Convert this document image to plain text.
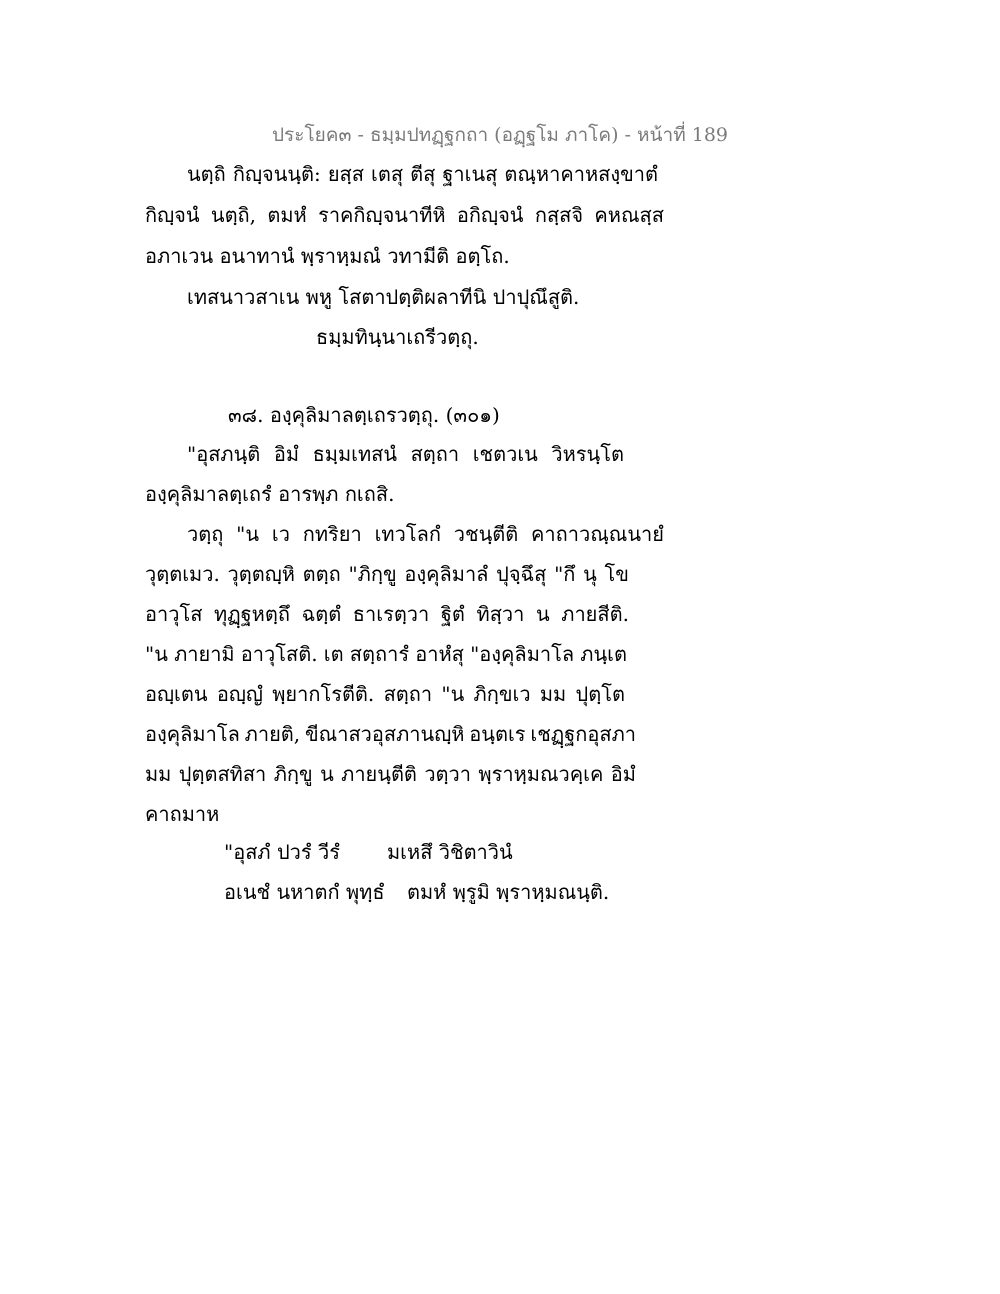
ประโยค๓ - ธมฺมปทฏฺฐกถา (อฏฺฐโม ภาโค) - หน้าที่ 189
นตฺถิ กิญฺจนนฺติ: ยสฺส เตสุ ตีสุ ฐาเนสุ ตณฺหาคาหสงฺขาตํ
กิญฺจนํ นตฺถิ, ตมหํ ราคกิญฺจนาทีหิ อกิญฺจนํ กสฺสจิ คหณสฺส
อภาเวน อนาทานํ พฺราหฺมณํ วทามีติ อตฺโถ.
เทสนาวสาเน พหู โสตาปตฺติผลาทีนิ ปาปุณึสูติ.
ธมฺมทินฺนาเถรีวตฺถุ.
๓๘. องฺคุลิมาลตฺเถรวตฺถุ. (๓๐๑)
"อุสภนฺติ อิมํ ธมฺมเทสนํ สตฺถา เชตวเน วิหรนฺโต
องฺคุลิมาลตฺเถรํ อารพฺภ กเถสิ.
วตฺถุ "น เว กทริยา เทวโลกํ วชนฺตีติ คาถาวณฺณนายํ
วุตฺตเมว. วุตฺตญฺหิ ตตฺถ "ภิกฺขู องฺคุลิมาลํ ปุจฺฉึสุ "กึ นุ โข
อาวุโส ทุฏฺฐหตฺถึ ฉตฺตํ ธาเรตฺวา ฐิตํ ทิสฺวา น ภายสีติ.
"น ภายามิ อาวุโสติ. เต สตฺถารํ อาหํสุ "องฺคุลิมาโล ภนฺเต
อญฺเตน อญฺญํ พฺยากโรตีติ. สตฺถา "น ภิกฺขเว มม ปุตฺโต
องฺคุลิมาโล ภายติ, ขีณาสวอุสภานญฺหิ อนฺตเร เชฏฺฐกอุสภา
มม ปุตฺตสทิสา ภิกฺขู น ภายนฺตีติ วตฺวา พฺราหฺมณวคฺเค อิมํ
คาถมาห
"อุสภํ ปวรํ วีรํ มเหสึ วิชิตาวินํ
อเนชํ นหาตกํ พุทฺธํ ตมหํ พฺรูมิ พฺราหฺมณนฺติ.
